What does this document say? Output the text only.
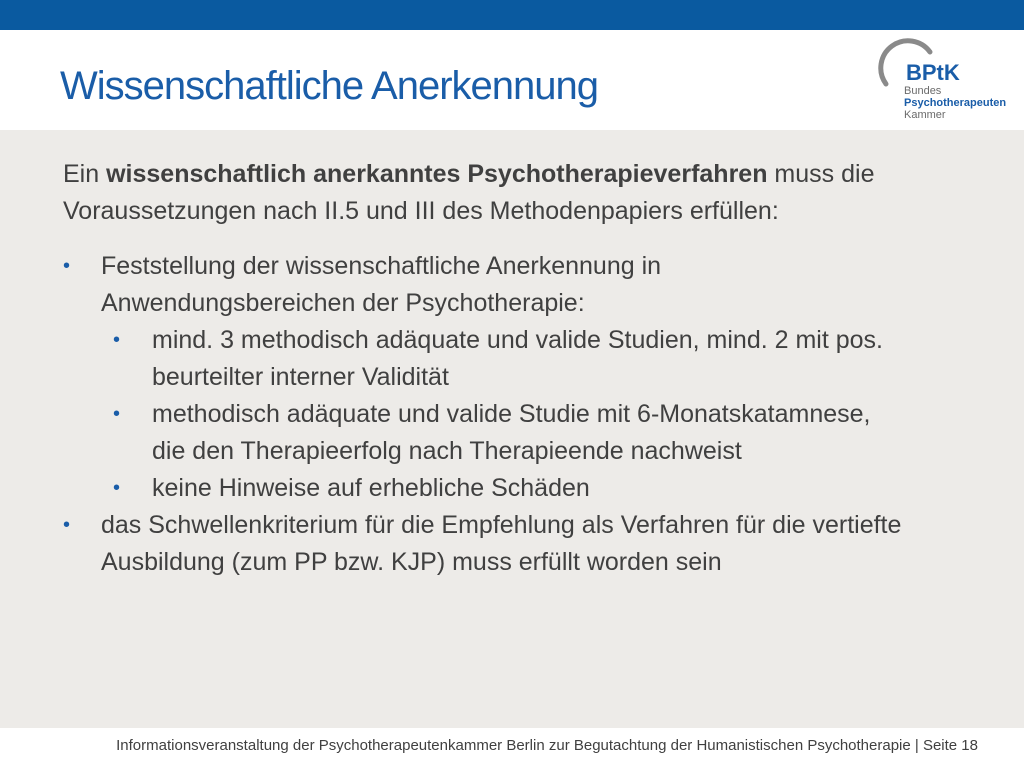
Wissenschaftliche Anerkennung	BPtK
Bundes
Psychotherapeuten
Kammer

Ein wissenschaftlich anerkanntes Psychotherapieverfahren muss die Voraussetzungen nach II.5 und III des Methodenpapiers erfüllen:

• Feststellung der wissenschaftliche Anerkennung in Anwendungsbereichen der Psychotherapie:

• mind. 3 methodisch adäquate und valide Studien, mind. 2 mit pos. beurteilter interner Validität

• methodisch adäquate und valide Studie mit 6-Monatskatamnese, die den Therapieerfolg nach Therapieende nachweist

• keine Hinweise auf erhebliche Schäden

• das Schwellenkriterium für die Empfehlung als Verfahren für die vertiefte Ausbildung (zum PP bzw. KJP) muss erfüllt worden sein

Informationsveranstaltung der Psychotherapeutenkammer Berlin zur Begutachtung der Humanistischen Psychotherapie | Seite 18
